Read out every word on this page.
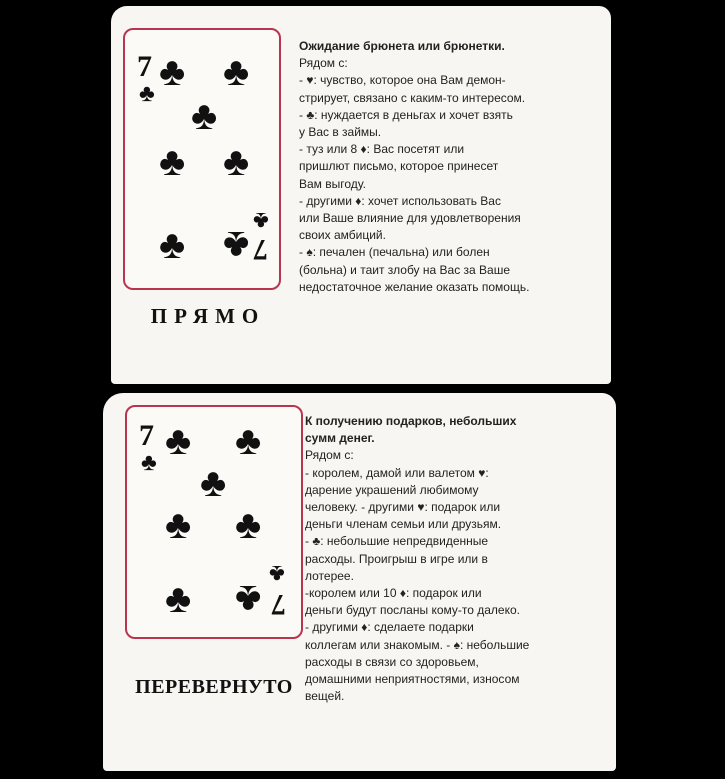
7
♣ ♣ ♣
♣
♣ ♣
♣ ♣
♣
7
ПРЯМО
Ожидание брюнета или брюнетки.
Рядом с:
- ♥: чувство, которое она Вам демон-
стрирует, связано с каким-то интересом.
- ♣: нуждается в деньгах и хочет взять
у Вас в займы.
- туз или 8 ♦: Вас посетят или
пришлют письмо, которое принесет
Вам выгоду.
- другими ♦: хочет использовать Вас
или Ваше влияние для удовлетворения
своих амбиций.
- ♠: печален (печальна) или болен
(больна) и таит злобу на Вас за Ваше
недостаточное желание оказать помощь.
7
♣ ♣ ♣
♣
♣ ♣
♣ ♣
♣
7
ПЕРЕВЕРНУТО
К получению подарков, небольших
сумм денег.
Рядом с:
- королем, дамой или валетом ♥:
дарение украшений любимому
человеку. - другими ♥: подарок или
деньги членам семьи или друзьям.
- ♣: небольшие непредвиденные
расходы. Проигрыш в игре или в
лотерее.
-королем или 10 ♦: подарок или
деньги будут посланы кому-то далеко.
- другими ♦: сделаете подарки
коллегам или знакомым. - ♠: небольшие
расходы в связи со здоровьем,
домашними неприятностями, износом
вещей.
